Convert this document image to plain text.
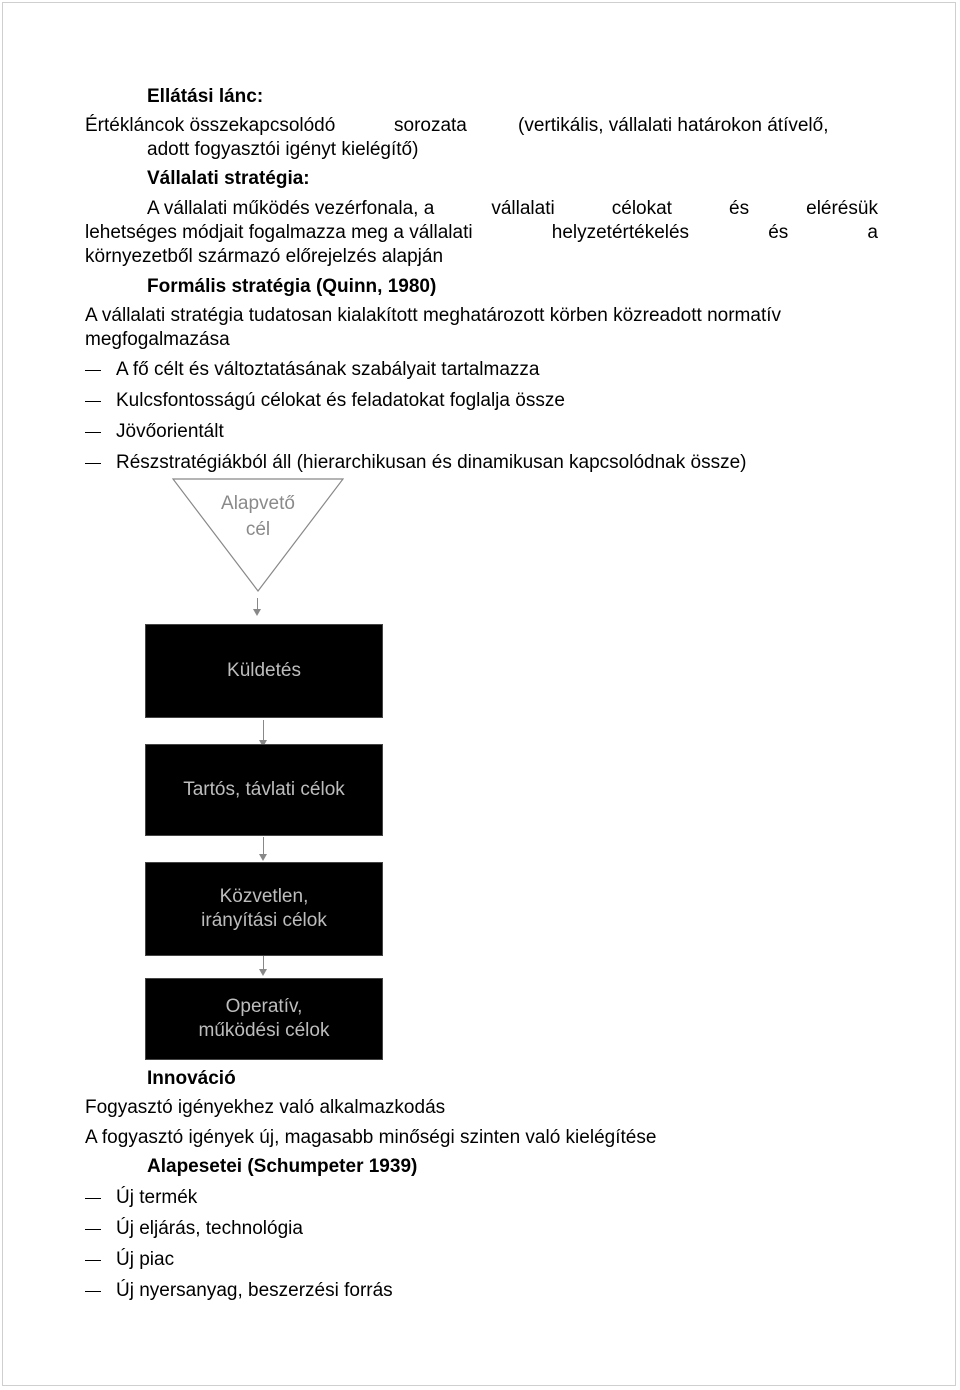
Ellátási lánc:
Értékláncok összekapcsolódó	sorozata	(vertikális, vállalati határokon átívelő,
adott fogyasztói igényt kielégítő)
Vállalati stratégia:
A vállalati működés vezérfonala, a	vállalati	célokat	és	elérésük
lehetséges módjait fogalmazza meg a vállalati	helyzetértékelés	és	a
környezetből származó előrejelzés alapján
Formális stratégia (Quinn, 1980)
A vállalati stratégia tudatosan kialakított meghatározott körben közreadott normatív
megfogalmazása
A fő célt és változtatásának szabályait tartalmazza
Kulcsfontosságú célokat és feladatokat foglalja össze
Jövőorientált
Részstratégiákból áll (hierarchikusan és dinamikusan kapcsolódnak össze)
Alapvető
cél
Küldetés
Tartós, távlati célok
Közvetlen,
irányítási célok
Operatív,
működési célok
Innováció
Fogyasztó igényekhez való alkalmazkodás
A fogyasztó igények új, magasabb minőségi szinten való kielégítése
Alapesetei (Schumpeter 1939)
Új termék
Új eljárás, technológia
Új piac
Új nyersanyag, beszerzési forrás
